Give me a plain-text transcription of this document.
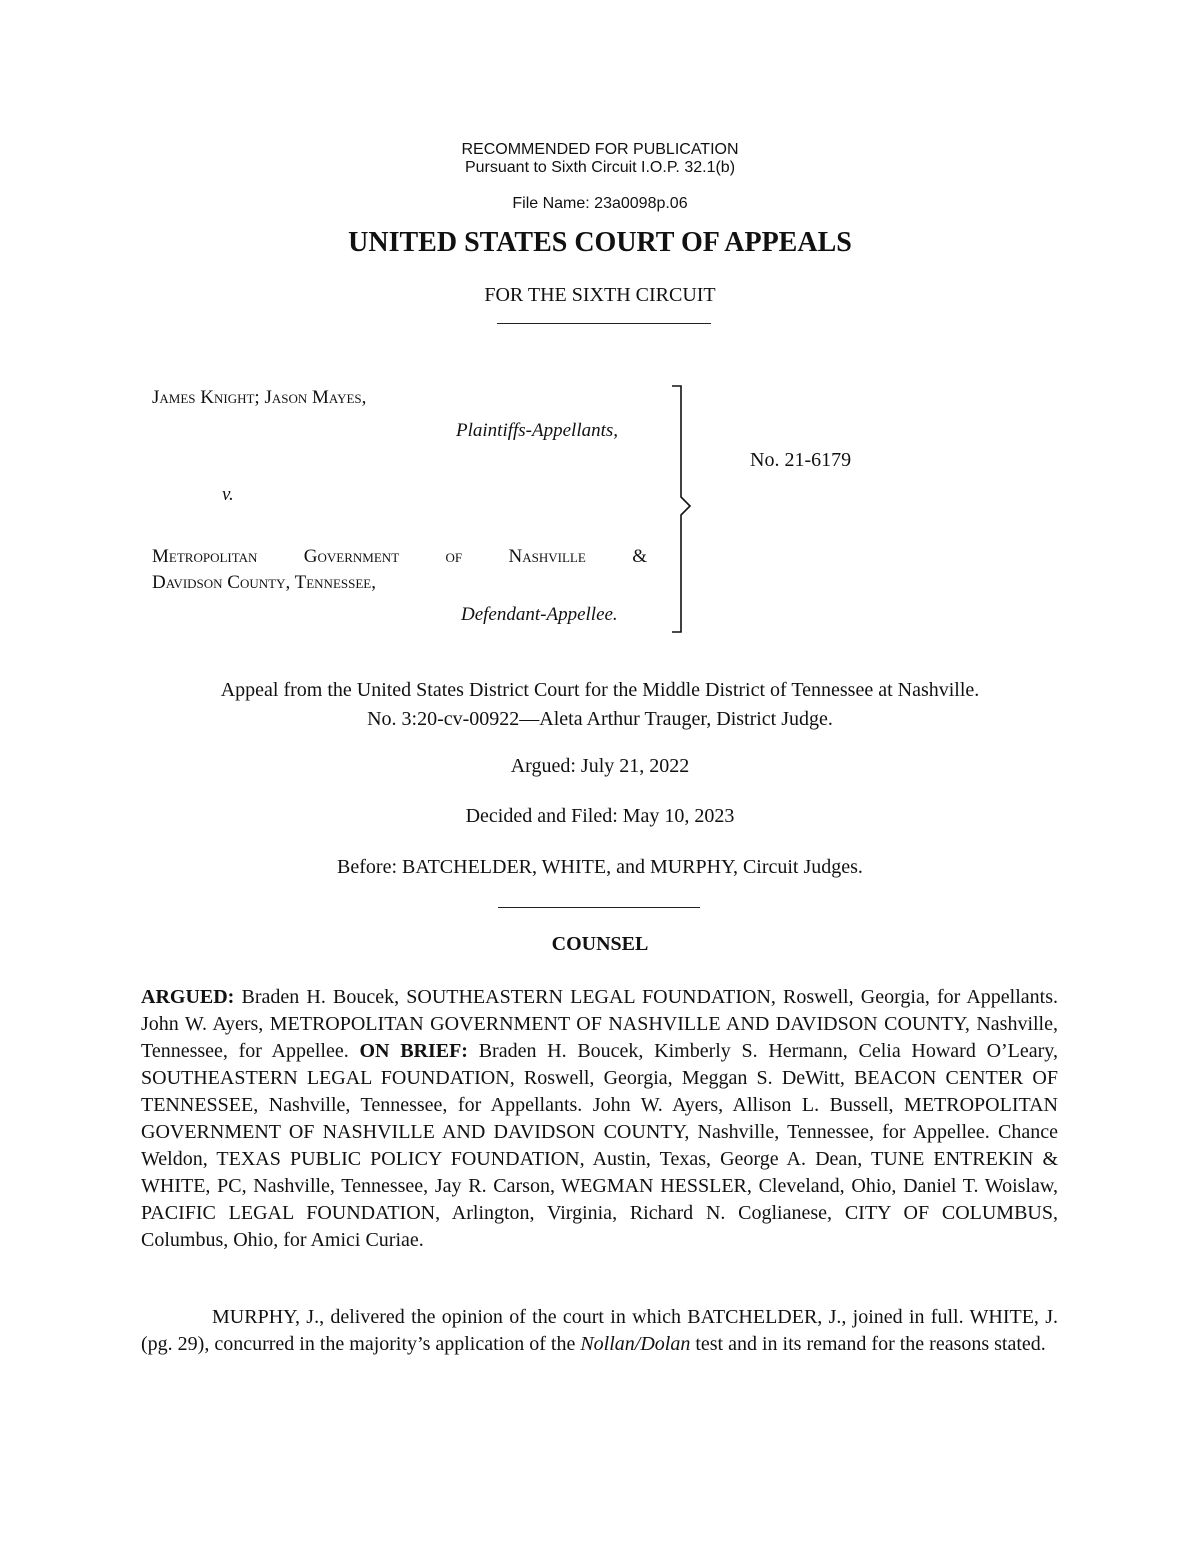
RECOMMENDED FOR PUBLICATION
Pursuant to Sixth Circuit I.O.P. 32.1(b)
File Name: 23a0098p.06
UNITED STATES COURT OF APPEALS
FOR THE SIXTH CIRCUIT
James Knight; Jason Mayes,
Plaintiffs-Appellants,
v.
Metropolitan Government of Nashville &
Davidson County, Tennessee,
Defendant-Appellee.
No. 21-6179
Appeal from the United States District Court for the Middle District of Tennessee at Nashville.
No. 3:20-cv-00922—Aleta Arthur Trauger, District Judge.
Argued: July 21, 2022
Decided and Filed: May 10, 2023
Before: BATCHELDER, WHITE, and MURPHY, Circuit Judges.
COUNSEL
ARGUED: Braden H. Boucek, SOUTHEASTERN LEGAL FOUNDATION, Roswell, Georgia, for Appellants. John W. Ayers, METROPOLITAN GOVERNMENT OF NASHVILLE AND DAVIDSON COUNTY, Nashville, Tennessee, for Appellee. ON BRIEF: Braden H. Boucek, Kimberly S. Hermann, Celia Howard O’Leary, SOUTHEASTERN LEGAL FOUNDATION, Roswell, Georgia, Meggan S. DeWitt, BEACON CENTER OF TENNESSEE, Nashville, Tennessee, for Appellants. John W. Ayers, Allison L. Bussell, METROPOLITAN GOVERNMENT OF NASHVILLE AND DAVIDSON COUNTY, Nashville, Tennessee, for Appellee. Chance Weldon, TEXAS PUBLIC POLICY FOUNDATION, Austin, Texas, George A. Dean, TUNE ENTREKIN & WHITE, PC, Nashville, Tennessee, Jay R. Carson, WEGMAN HESSLER, Cleveland, Ohio, Daniel T. Woislaw, PACIFIC LEGAL FOUNDATION, Arlington, Virginia, Richard N. Coglianese, CITY OF COLUMBUS, Columbus, Ohio, for Amici Curiae.
MURPHY, J., delivered the opinion of the court in which BATCHELDER, J., joined in full. WHITE, J. (pg. 29), concurred in the majority’s application of the Nollan/Dolan test and in its remand for the reasons stated.
